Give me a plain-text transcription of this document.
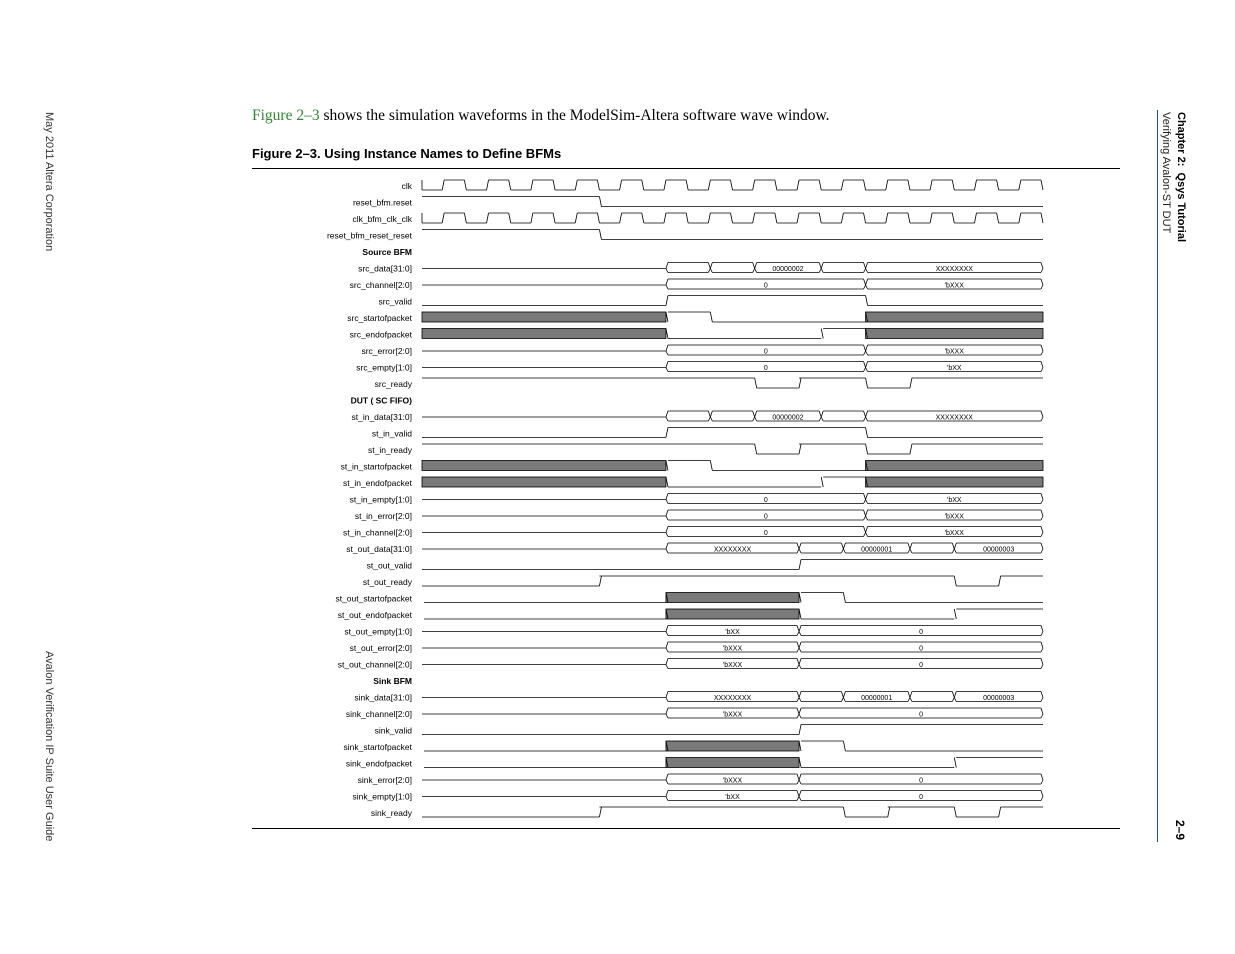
May 2011 Altera Corporation
Avalon Verification IP Suite User Guide
Chapter 2:  Qsys Tutorial
Verifying Avalon-ST DUT
2–9
Figure 2–3 shows the simulation waveforms in the ModelSim-Altera software wave window.
Figure 2–3. Using Instance Names to Define BFMs
clk
reset_bfm.reset
clk_bfm_clk_clk
reset_bfm_reset_reset
Source BFM
src_data[31:0]	00000002	XXXXXXXX
src_channel[2:0]	0	'bXXX
src_valid
src_startofpacket
src_endofpacket
src_error[2:0]	0	'bXXX
src_empty[1:0]	0	'bXX
src_ready
DUT ( SC FIFO)
st_in_data[31:0]	00000002	XXXXXXXX
st_in_valid
st_in_ready
st_in_startofpacket
st_in_endofpacket
st_in_empty[1:0]	0	'bXX
st_in_error[2:0]	0	'bXXX
st_in_channel[2:0]	0	'bXXX
st_out_data[31:0]	XXXXXXXX	00000001	00000003
st_out_valid
st_out_ready
st_out_startofpacket
st_out_endofpacket
st_out_empty[1:0]	'bXX	0
st_out_error[2:0]	'bXXX	0
st_out_channel[2:0]	'bXXX	0
Sink BFM
sink_data[31:0]	XXXXXXXX	00000001	00000003
sink_channel[2:0]	'bXXX	0
sink_valid
sink_startofpacket
sink_endofpacket
sink_error[2:0]	'bXXX	0
sink_empty[1:0]	'bXX	0
sink_ready
